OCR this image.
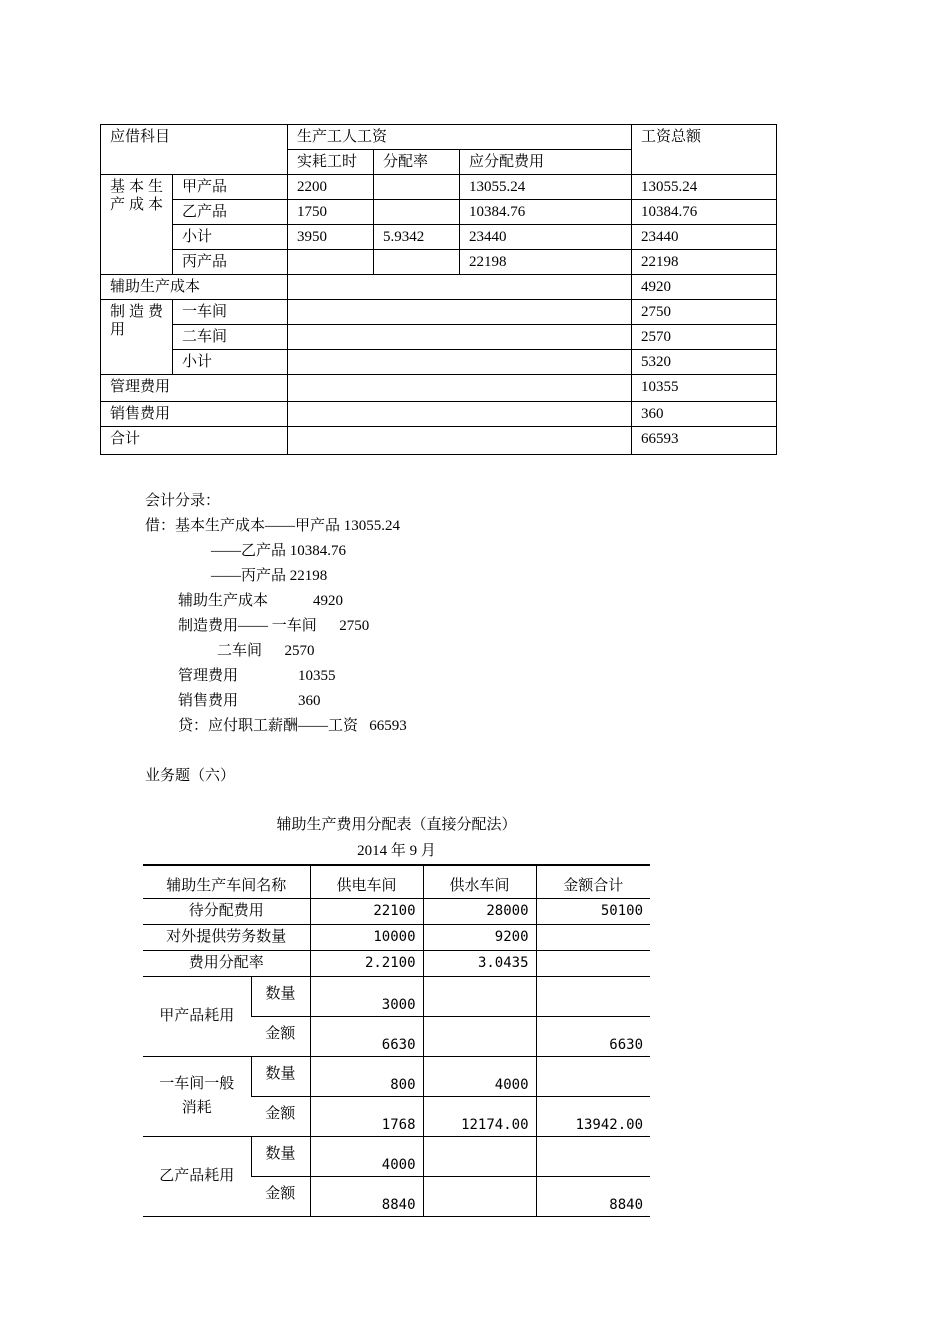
应借科目		生产工人工资			工资总额
		实耗工时	分配率	应分配费用	
基本生产成本	甲产品	2200		13055.24	13055.24
	乙产品	1750		10384.76	10384.76
	小计	3950	5.9342	23440	23440
	丙产品			22198	22198
辅助生产成本					4920
制造费用	一车间				2750
	二车间				2570
	小计				5320
管理费用					10355
销售费用					360
合计					66593
会计分录：
借：基本生产成本——甲产品 13055.24
——乙产品 10384.76
——丙产品 22198
辅助生产成本            4920
制造费用—— 一车间      2750
二车间      2570
管理费用                10355
销售费用                360
贷：应付职工薪酬——工资   66593
业务题（六）
辅助生产费用分配表（直接分配法）
2014 年 9 月
辅助生产车间名称		供电车间	供水车间	金额合计
待分配费用		22100	28000	50100
对外提供劳务数量		10000	9200	
费用分配率		2.2100	3.0435	
甲产品耗用	数量	3000		
	金额	6630		6630
一车间一般
消耗	数量	800	4000	
	金额	1768	12174.00	13942.00
乙产品耗用	数量	4000		
	金额	8840		8840
